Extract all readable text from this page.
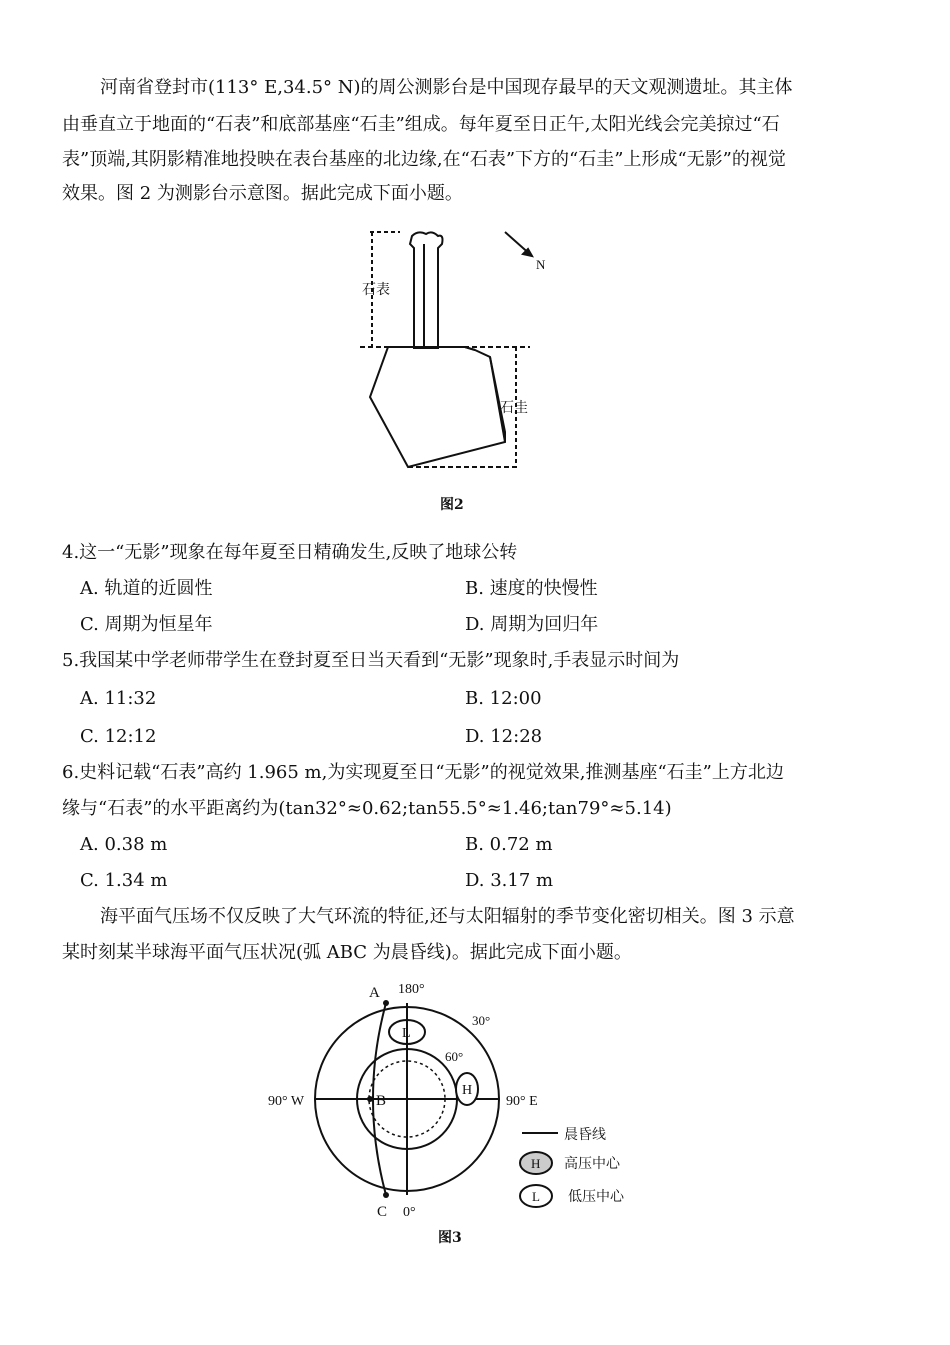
河南省登封市(113° E,34.5° N)的周公测影台是中国现存最早的天文观测遗址。其主体
由垂直立于地面的“石表”和底部基座“石圭”组成。每年夏至日正午,太阳光线会完美掠过“石
表”顶端,其阴影精准地投映在表台基座的北边缘,在“石表”下方的“石圭”上形成“无影”的视觉
效果。图 2 为测影台示意图。据此完成下面小题。
石表
石圭
N
图2
4.这一“无影”现象在每年夏至日精确发生,反映了地球公转
A. 轨道的近圆性	B. 速度的快慢性
C. 周期为恒星年	D. 周期为回归年
5.我国某中学老师带学生在登封夏至日当天看到“无影”现象时,手表显示时间为
A. 11:32	B. 12:00
C. 12:12	D. 12:28
6.史料记载“石表”高约 1.965 m,为实现夏至日“无影”的视觉效果,推测基座“石圭”上方北边
缘与“石表”的水平距离约为(tan32°≈0.62;tan55.5°≈1.46;tan79°≈5.14)
A. 0.38 m	B. 0.72 m
C. 1.34 m	D. 3.17 m
海平面气压场不仅反映了大气环流的特征,还与太阳辐射的季节变化密切相关。图 3 示意
某时刻某半球海平面气压状况(弧 ABC 为晨昏线)。据此完成下面小题。
A
B
C
180°
0°
90° W	90° E
30°
60°
L
H
晨昏线
H 高压中心
L 低压中心
图3
